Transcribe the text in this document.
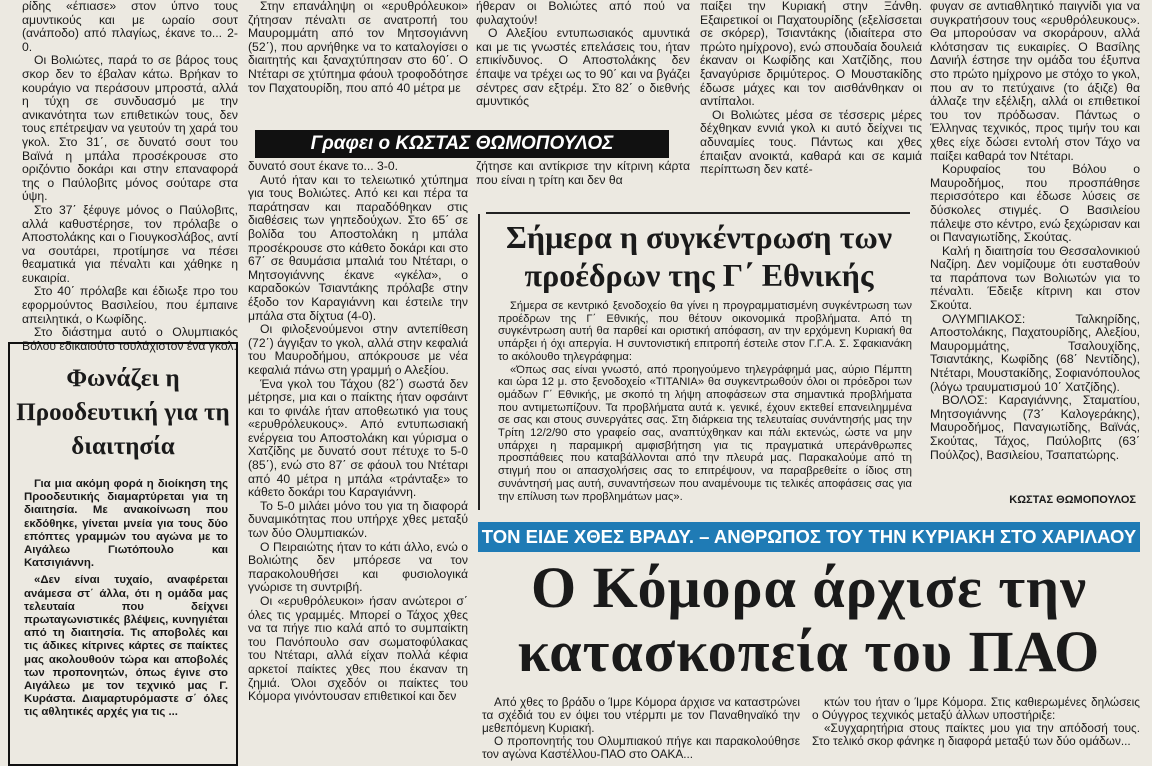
ρίδης «έπιασε» στον ύπνο τους αμυντικούς και με ωραίο σουτ (ανάποδο) από πλαγίως, έκανε το... 2-0.

Οι Βολιώτες, παρά το σε βάρος τους σκορ δεν το έβαλαν κάτω. Βρήκαν το κουράγιο να περάσουν μπροστά, αλλά η τύχη σε συνδυασμό με την ανικανότητα των επιθετικών τους, δεν τους επέτρεψαν να γευτούν τη χαρά του γκολ. Στο 31΄, σε δυνατό σουτ του Βαϊνά η μπάλα προσέκρουσε στο οριζόντιο δοκάρι και στην επαναφορά της ο Παύλοβιτς μόνος σούταρε στα ύψη.

Στο 37΄ ξέφυγε μόνος ο Παύλοβιτς, αλλά καθυστέρησε, τον πρόλαβε ο Αποστολάκης και ο Γιουγκοσλάβος, αντί να σουτάρει, προτίμησε να πέσει θεαματικά για πέναλτι και χάθηκε η ευκαιρία.

Στο 40΄ πρόλαβε και έδιωξε προ του εφορμούντος Βασιλείου, που έμπαινε απειλητικά, ο Κωφίδης.

Στο διάστημα αυτό ο Ολυμπιακός Βόλου εδικαιούτο τουλάχιστον ένα γκολ.

Φωνάζει η Προοδευτική για τη διαιτησία

Για μια ακόμη φορά η διοίκηση της Προοδευτικής διαμαρτύρεται για τη διαιτησία. Με ανακοίνωση που εκδόθηκε, γίνεται μνεία για τους δύο επόπτες γραμμών του αγώνα με το Αιγάλεω Γιωτόπουλο και Κατσιγιάννη.

«Δεν είναι τυχαίο, αναφέρεται ανάμεσα στ΄ άλλα, ότι η ομάδα μας τελευταία που δείχνει πρωταγωνιστικές βλέψεις, κυνηγιέται από τη διαιτησία. Τις αποβολές και τις άδικες κίτρινες κάρτες σε παίκτες μας ακολουθούν τώρα και αποβολές των προπονητών, όπως έγινε στο Αιγάλεω με τον τεχνικό μας Γ. Κυράστα. Διαμαρτυρόμαστε σ΄ όλες τις αθλητικές αρχές για τις ...

Στην επανάληψη οι «ερυθρόλευκοι» ζήτησαν πέναλτι σε ανατροπή του Μαυρομμάτη από τον Μητσογιάννη (52΄), που αρνήθηκε να το καταλογίσει ο διαιτητής και ξαναχτύπησαν στο 60΄. Ο Ντέταρι σε χτύπημα φάουλ τροφοδότησε τον Παχατουρίδη, που από 40 μέτρα με

Γραφει ο ΚΩΣΤΑΣ ΘΩΜΟΠΟΥΛΟΣ

δυνατό σουτ έκανε το... 3-0.

Αυτό ήταν και το τελειωτικό χτύπημα για τους Βολιώτες. Από κει και πέρα τα παράτησαν και παραδόθηκαν στις διαθέσεις των γηπεδούχων. Στο 65΄ σε βολίδα του Αποστολάκη η μπάλα προσέκρουσε στο κάθετο δοκάρι και στο 67΄ σε θαυμάσια μπαλιά του Ντέταρι, ο Μητσογιάννης έκανε «γκέλα», ο καραδοκών Τσιαντάκης πρόλαβε στην έξοδο τον Καραγιάννη και έστειλε την μπάλα στα δίχτυα (4-0).

Οι φιλοξενούμενοι στην αντεπίθεση (72΄) άγγιξαν το γκολ, αλλά στην κεφαλιά του Μαυροδήμου, απόκρουσε με νέα κεφαλιά πάνω στη γραμμή ο Αλεξίου.

Ένα γκολ του Τάχου (82΄) σωστά δεν μέτρησε, μια και ο παίκτης ήταν οφσάιντ και το φινάλε ήταν αποθεωτικό για τους «ερυθρόλευκους». Από εντυπωσιακή ενέργεια του Αποστολάκη και γύρισμα ο Χατζίδης με δυνατό σουτ πέτυχε το 5-0 (85΄), ενώ στο 87΄ σε φάουλ του Ντέταρι από 40 μέτρα η μπάλα «τράνταξε» το κάθετο δοκάρι του Καραγιάννη.

Το 5-0 μιλάει μόνο του για τη διαφορά δυναμικότητας που υπήρχε χθες μεταξύ των δύο Ολυμπιακών.

Ο Πειραιώτης ήταν το κάτι άλλο, ενώ ο Βολιώτης δεν μπόρεσε να τον παρακολουθήσει και φυσιολογικά γνώρισε τη συντριβή.

Οι «ερυθρόλευκοι» ήσαν ανώτεροι σ΄ όλες τις γραμμές. Μπορεί ο Τάχος χθες να τα πήγε πιο καλά από το συμπαίκτη του Πανόπουλο σαν σωματοφύλακας του Ντέταρι, αλλά είχαν πολλά κέφια αρκετοί παίκτες χθες που έκαναν τη ζημιά. Όλοι σχεδόν οι παίκτες του Κόμορα γινόντουσαν επιθετικοί και δεν

ήθεραν οι Βολιώτες από πού να φυλαχτούν!

Ο Αλεξίου εντυπωσιακός αμυντικά και με τις γνωστές επελάσεις του, ήταν επικίνδυνος. Ο Αποστολάκης δεν έπαψε να τρέχει ως το 90΄ και να βγάζει σέντρες σαν εξτρέμ. Στο 82΄ ο διεθνής αμυντικός

ζήτησε και αντίκρισε την κίτρινη κάρτα που είναι η τρίτη και δεν θα

παίξει την Κυριακή στην Ξάνθη. Εξαιρετικοί οι Παχατουρίδης (εξελίσσεται σε σκόρερ), Τσιαντάκης (ιδιαίτερα στο πρώτο ημίχρονο), ενώ σπουδαία δουλειά έκαναν οι Κωφίδης και Χατζίδης, που ξαναγύρισε δριμύτερος. Ο Μουστακίδης έδωσε μάχες και τον αισθάνθηκαν οι αντίπαλοι.

Οι Βολιώτες μέσα σε τέσσερις μέρες δέχθηκαν εννιά γκολ κι αυτό δείχνει τις αδυναμίες τους. Πάντως και χθες έπαιξαν ανοικτά, καθαρά και σε καμιά περίπτωση δεν κατέ-

φυγαν σε αντιαθλητικό παιγνίδι για να συγκρατήσουν τους «ερυθρόλευκους». Θα μπορούσαν να σκοράρουν, αλλά κλότσησαν τις ευκαιρίες. Ο Βασίλης Δανιήλ έστησε την ομάδα του έξυπνα στο πρώτο ημίχρονο με στόχο το γκολ, που αν το πετύχαινε (το άξιζε) θα άλλαζε την εξέλιξη, αλλά οι επιθετικοί του τον πρόδωσαν. Πάντως ο Έλληνας τεχνικός, προς τιμήν του και χθες είχε δώσει εντολή στον Τάχο να παίξει καθαρά τον Ντέταρι.

Κορυφαίος του Βόλου ο Μαυροδήμος, που προσπάθησε περισσότερο και έδωσε λύσεις σε δύσκολες στιγμές. Ο Βασιλείου πάλεψε στο κέντρο, ενώ ξεχώρισαν και οι Παναγιωτίδης, Σκούτας.

Καλή η διαιτησία του Θεσσαλονικιού Ναζίρη. Δεν νομίζουμε ότι ευσταθούν τα παράπονα των Βολιωτών για το πέναλτι. Έδειξε κίτρινη και στον Σκούτα.

ΟΛΥΜΠΙΑΚΟΣ: Ταλκηρίδης, Αποστολάκης, Παχατουρίδης, Αλεξίου, Μαυρομμάτης, Τσαλουχίδης, Τσιαντάκης, Κωφίδης (68΄ Νεντίδης), Ντέταρι, Μουστακίδης, Σοφιανόπουλος (λόγω τραυματισμού 10΄ Χατζίδης).

ΒΟΛΟΣ: Καραγιάννης, Σταματίου, Μητσογιάννης (73΄ Καλογεράκης), Μαυροδήμος, Παναγιωτίδης, Βαϊνάς, Σκούτας, Τάχος, Παύλοβιτς (63΄ Πούλζος), Βασιλείου, Τσαπατώρης.

ΚΩΣΤΑΣ ΘΩΜΟΠΟΥΛΟΣ
Σήμερα η συγκέντρωση των προέδρων της Γ΄ Εθνικής

Σήμερα σε κεντρικό ξενοδοχείο θα γίνει η προγραμματισμένη συγκέντρωση των προέδρων της Γ΄ Εθνικής, που θέτουν οικονομικά προβλήματα. Από τη συγκέντρωση αυτή θα παρθεί και οριστική απόφαση, αν την ερχόμενη Κυριακή θα υπάρξει ή όχι απεργία. Η συντονιστική επιτροπή έστειλε στον Γ.Γ.Α. Σ. Σφακιανάκη το ακόλουθο τηλεγράφημα:

«Όπως σας είναι γνωστό, από προηγούμενο τηλεγράφημά μας, αύριο Πέμπτη και ώρα 12 μ. στο ξενοδοχείο «ΤΙΤΑΝΙΑ» θα συγκεντρωθούν όλοι οι πρόεδροι των ομάδων Γ΄ Εθνικής, με σκοπό τη λήψη αποφάσεων στα σημαντικά προβλήματα που αντιμετωπίζουν. Τα προβλήματα αυτά κ. γενικέ, έχουν εκτεθεί επανειλημμένα σε σας και στους συνεργάτες σας. Στη διάρκεια της τελευταίας συνάντησής μας την Τρίτη 12/2/90 στο γραφείο σας, αναπτύχθηκαν και πάλι εκτενώς, ώστε να μην υπάρχει η παραμικρή αμφισβήτηση για τις πραγματικά υπεράνθρωπες προσπάθειες που καταβάλλονται από την πλευρά μας. Παρακαλούμε από τη στιγμή που οι απασχολήσεις σας το επιτρέψουν, να παραβρεθείτε ο ίδιος στη συνάντησή μας αυτή, συναντήσεων που αναμένουμε τις τελικές αποφάσεις σας για την επίλυση των προβλημάτων μας».

ΤΟΝ ΕΙΔΕ ΧΘΕΣ ΒΡΑΔΥ. – ΑΝΘΡΩΠΟΣ ΤΟΥ ΤΗΝ ΚΥΡΙΑΚΗ ΣΤΟ ΧΑΡΙΛΑΟΥ
Ο Κόμορα άρχισε την κατασκοπεία του ΠΑΟ

Από χθες το βράδυ ο Ίμρε Κόμορα άρχισε να καταστρώνει τα σχέδιά του εν όψει του ντέρμπι με τον Παναθηναϊκό την μεθεπόμενη Κυριακή.

Ο προπονητής του Ολυμπιακού πήγε και παρακολούθησε τον αγώνα Καστέλλου-ΠΑΟ στο ΟΑΚΑ...

κτών του ήταν ο Ίμρε Κόμορα. Στις καθιερωμένες δηλώσεις ο Ούγγρος τεχνικός μεταξύ άλλων υποστήριξε:

«Συγχαρητήρια στους παίκτες μου για την απόδοσή τους. Στο τελικό σκορ φάνηκε η διαφορά μεταξύ των δύο ομάδων...
